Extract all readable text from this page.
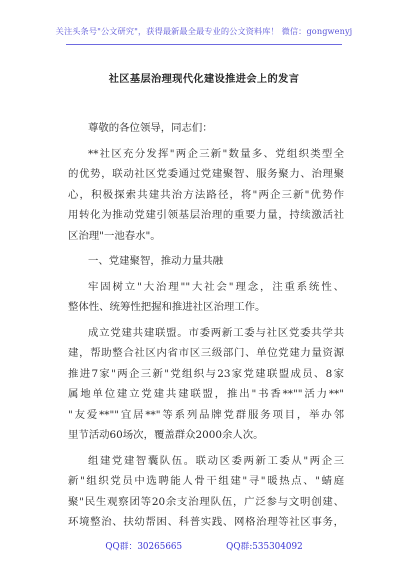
关注头条号"公文研究"，获得最新最全最专业的公文资料库！ 微信：gongwenyj
社区基层治理现代化建设推进会上的发言
尊敬的各位领导，同志们：
**社区充分发挥"两企三新"数量多、党组织类型全
的优势，联动社区党委通过党建聚智、服务聚力、治理聚
心，积极探索共建共治方法路径，将"两企三新"优势作
用转化为推动党建引领基层治理的重要力量，持续激活社
区治理"一池春水"。
一、党建聚智，推动力量共融
牢固树立"大治理""大社会"理念，注重系统性、
整体性、统筹性把握和推进社区治理工作。
成立党建共建联盟。市委两新工委与社区党委共学共
建，帮助整合社区内省市区三级部门、单位党建力量资源
推进7家"两企三新"党组织与23家党建联盟成员、8家
属地单位建立党建共建联盟，推出"书香**""活力**"
"友爱**""宜居**"等系列品牌党群服务项目，举办邻
里节活动60场次，覆盖群众2000余人次。
组建党建智囊队伍。联动区委两新工委从"两企三
新"组织党员中选聘能人骨干组建"寻"暖热点、"蜻庭
聚"民生观察团等20余支治理队伍，广泛参与文明创建、
环境整治、扶幼帮困、科普实践、网格治理等社区事务，
QQ群：30265665	QQ群:535304092
